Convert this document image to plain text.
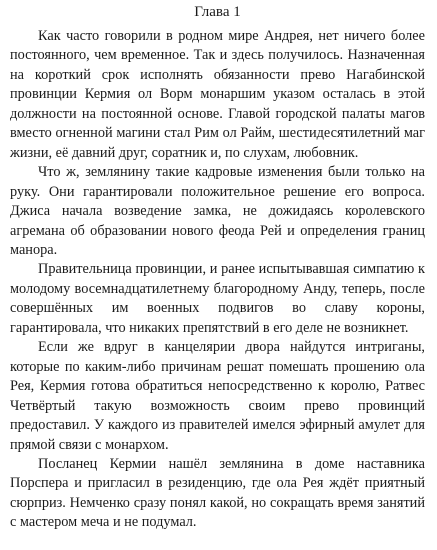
Глава 1

Как часто говорили в родном мире Андрея, нет ничего более постоянного, чем временное. Так и здесь получилось. Назначенная на короткий срок исполнять обязанности прево Нагабинской провинции Кермия ол Ворм монаршим указом осталась в этой должности на постоянной основе. Главой городской палаты магов вместо огненной магини стал Рим ол Райм, шестидесятилетний маг жизни, её давний друг, соратник и, по слухам, любовник.

Что ж, землянину такие кадровые изменения были только на руку. Они гарантировали положительное решение его вопроса. Джиса начала возведение замка, не дожидаясь королевского агремана об образовании нового феода Рей и определения границ манора.

Правительница провинции, и ранее испытывавшая симпатию к молодому восемнадцатилетнему благородному Анду, теперь, после совершённых им военных подвигов во славу короны, гарантировала, что никаких препятствий в его деле не возникнет.

Если же вдруг в канцелярии двора найдутся интриганы, которые по каким-либо причинам решат помешать прошению ола Рея, Кермия готова обратиться непосредственно к королю, Ратвес Четвёртый такую возможность своим прево провинций предоставил. У каждого из правителей имелся эфирный амулет для прямой связи с монархом.

Посланец Кермии нашёл землянина в доме наставника Порспера и пригласил в резиденцию, где ола Рея ждёт приятный сюрприз. Немченко сразу понял какой, но сокращать время занятий с мастером меча и не подумал.
